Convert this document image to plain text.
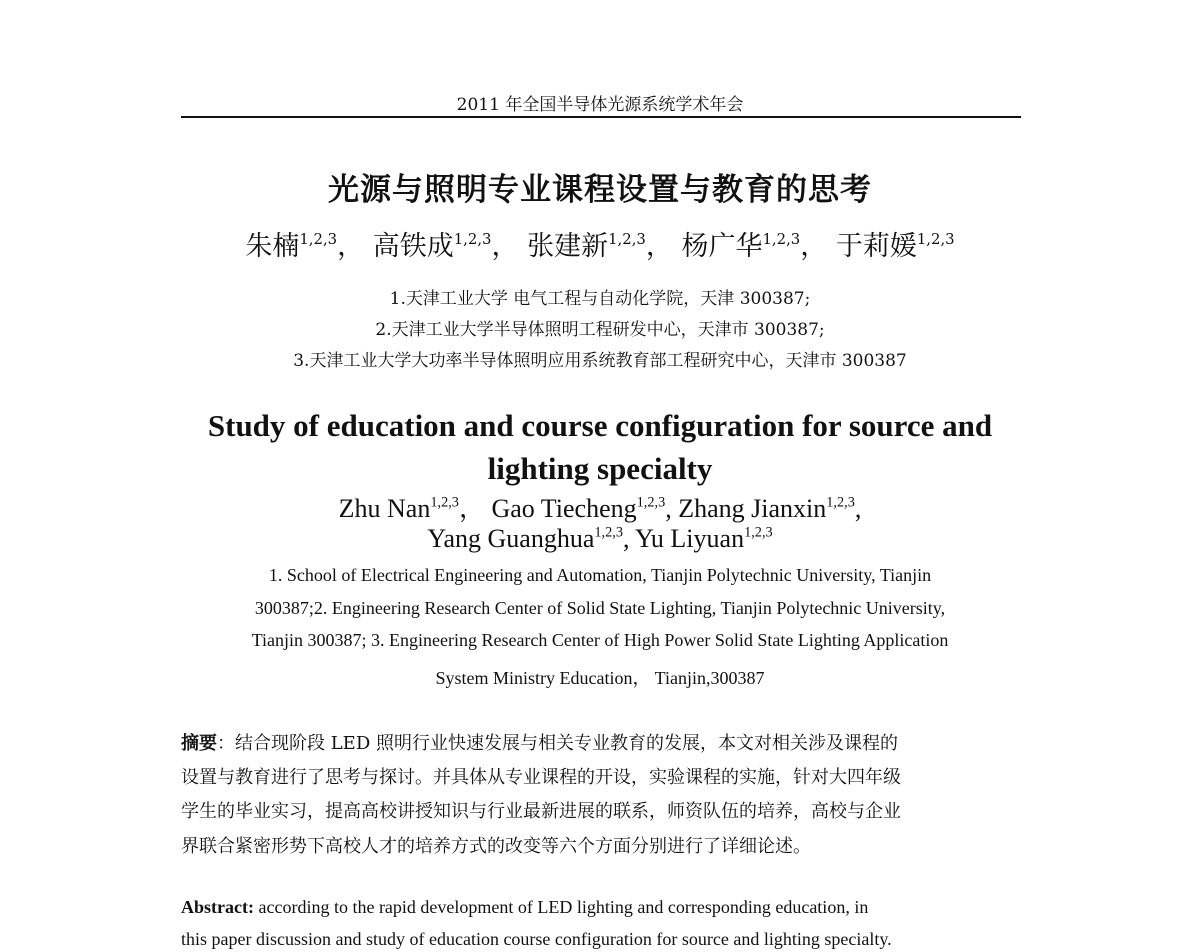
2011 年全国半导体光源系统学术年会
光源与照明专业课程设置与教育的思考
朱楠$^{1,2,3}$， 高铁成$^{1,2,3}$， 张建新$^{1,2,3}$， 杨广华$^{1,2,3}$， 于莉媛$^{1,2,3}$
1.天津工业大学 电气工程与自动化学院，天津 300387;
2.天津工业大学半导体照明工程研发中心，天津市 300387;
3.天津工业大学大功率半导体照明应用系统教育部工程研究中心，天津市 300387
Study of education and course configuration for source and
lighting specialty
Zhu Nan$^{1,2,3}$， Gao Tiecheng$^{1,2,3}$, Zhang Jianxin$^{1,2,3}$,
Yang Guanghua$^{1,2,3}$, Yu Liyuan$^{1,2,3}$
1. School of Electrical Engineering and Automation, Tianjin Polytechnic University, Tianjin
300387;2. Engineering Research Center of Solid State Lighting, Tianjin Polytechnic University,
Tianjin 300387; 3. Engineering Research Center of High Power Solid State Lighting Application
System Ministry Education， Tianjin,300387
摘要：结合现阶段 LED 照明行业快速发展与相关专业教育的发展，本文对相关涉及课程的
设置与教育进行了思考与探讨。并具体从专业课程的开设，实验课程的实施，针对大四年级
学生的毕业实习，提高高校讲授知识与行业最新进展的联系，师资队伍的培养，高校与企业
界联合紧密形势下高校人才的培养方式的改变等六个方面分别进行了详细论述。
Abstract: according to the rapid development of LED lighting and corresponding education, in
this paper discussion and study of education course configuration for source and lighting specialty.
